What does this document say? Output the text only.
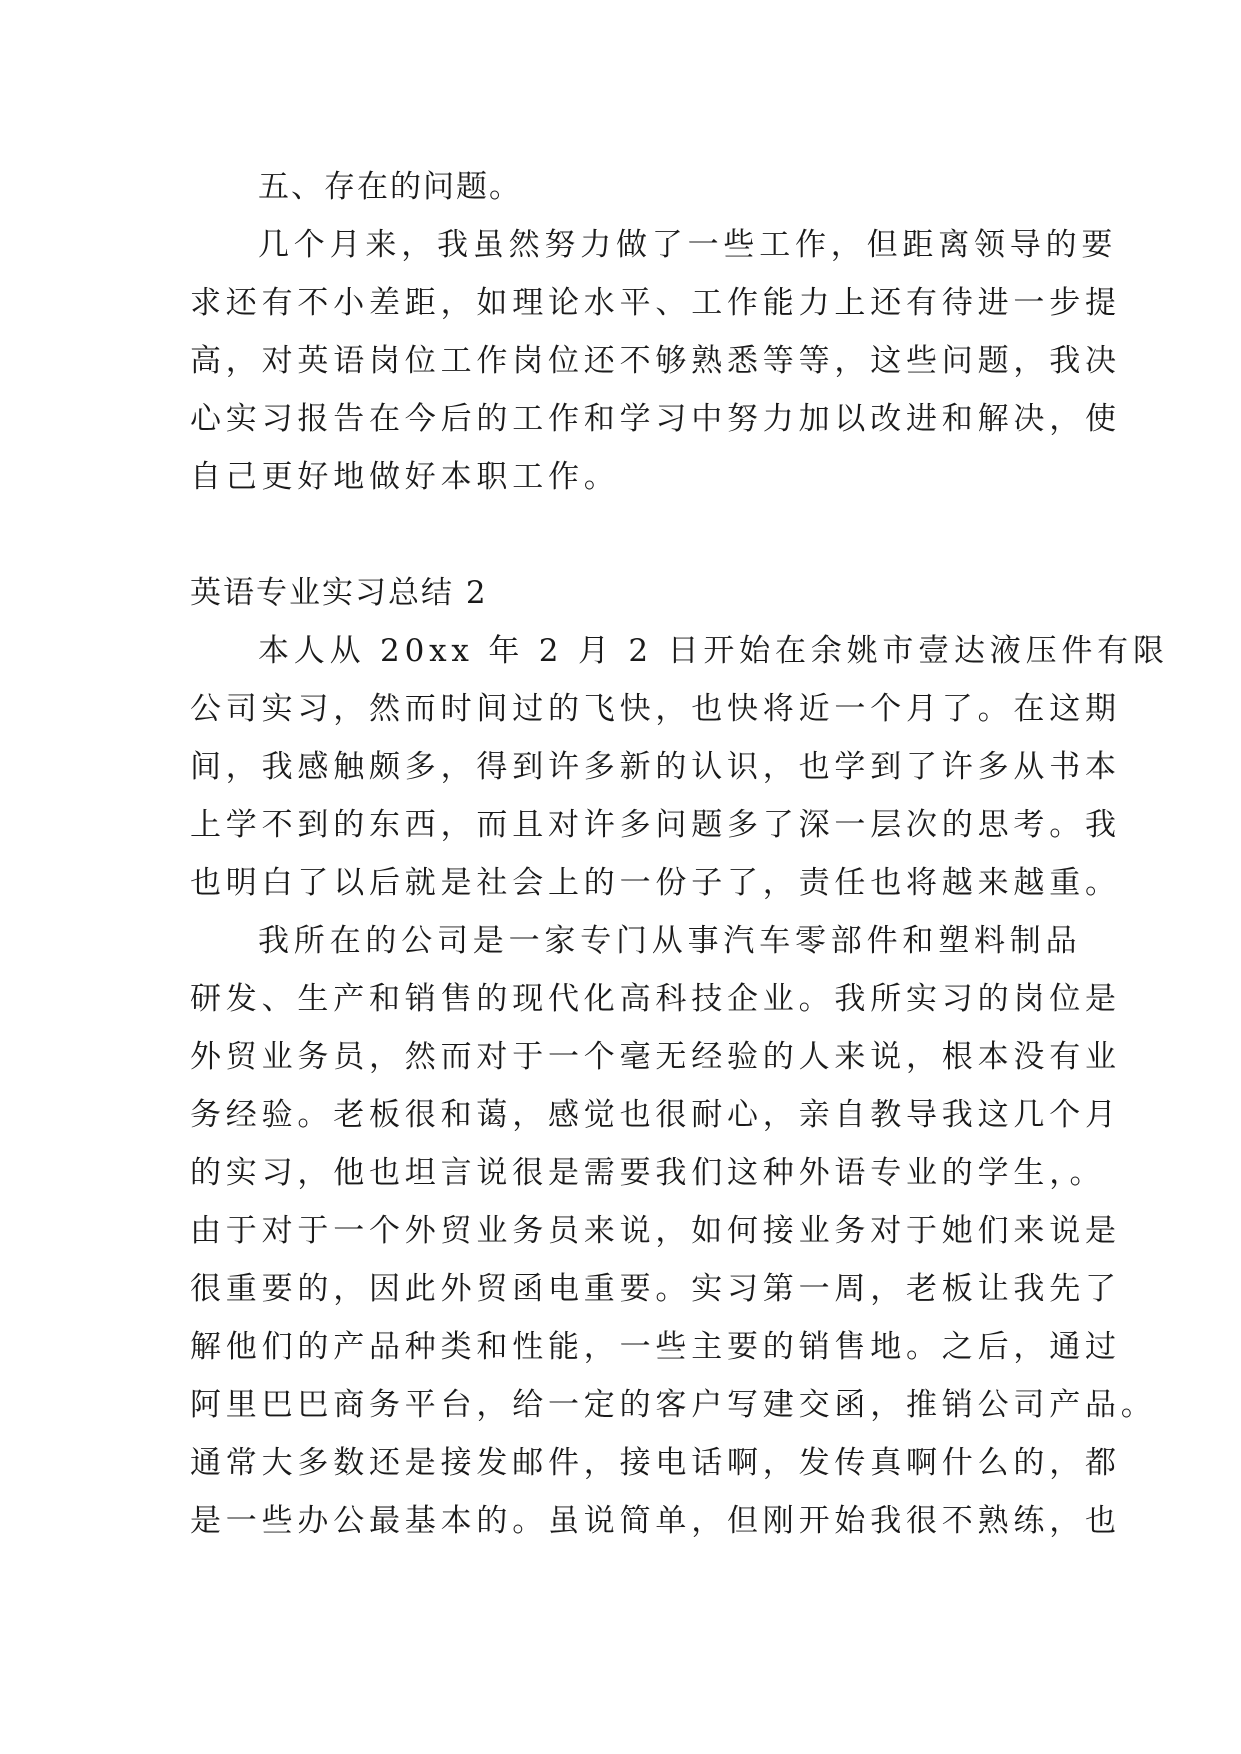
五、存在的问题。
几个月来，我虽然努力做了一些工作，但距离领导的要
求还有不小差距，如理论水平、工作能力上还有待进一步提
高，对英语岗位工作岗位还不够熟悉等等，这些问题，我决
心实习报告在今后的工作和学习中努力加以改进和解决，使
自己更好地做好本职工作。
英语专业实习总结 2
本人从 20xx 年 2 月 2 日开始在余姚市壹达液压件有限
公司实习，然而时间过的飞快，也快将近一个月了。在这期
间，我感触颇多，得到许多新的认识，也学到了许多从书本
上学不到的东西，而且对许多问题多了深一层次的思考。我
也明白了以后就是社会上的一份子了，责任也将越来越重。
我所在的公司是一家专门从事汽车零部件和塑料制品
研发、生产和销售的现代化高科技企业。我所实习的岗位是
外贸业务员，然而对于一个毫无经验的人来说，根本没有业
务经验。老板很和蔼，感觉也很耐心，亲自教导我这几个月
的实习，他也坦言说很是需要我们这种外语专业的学生，。
由于对于一个外贸业务员来说，如何接业务对于她们来说是
很重要的，因此外贸函电重要。实习第一周，老板让我先了
解他们的产品种类和性能，一些主要的销售地。之后，通过
阿里巴巴商务平台，给一定的客户写建交函，推销公司产品。
通常大多数还是接发邮件，接电话啊，发传真啊什么的，都
是一些办公最基本的。虽说简单，但刚开始我很不熟练，也
